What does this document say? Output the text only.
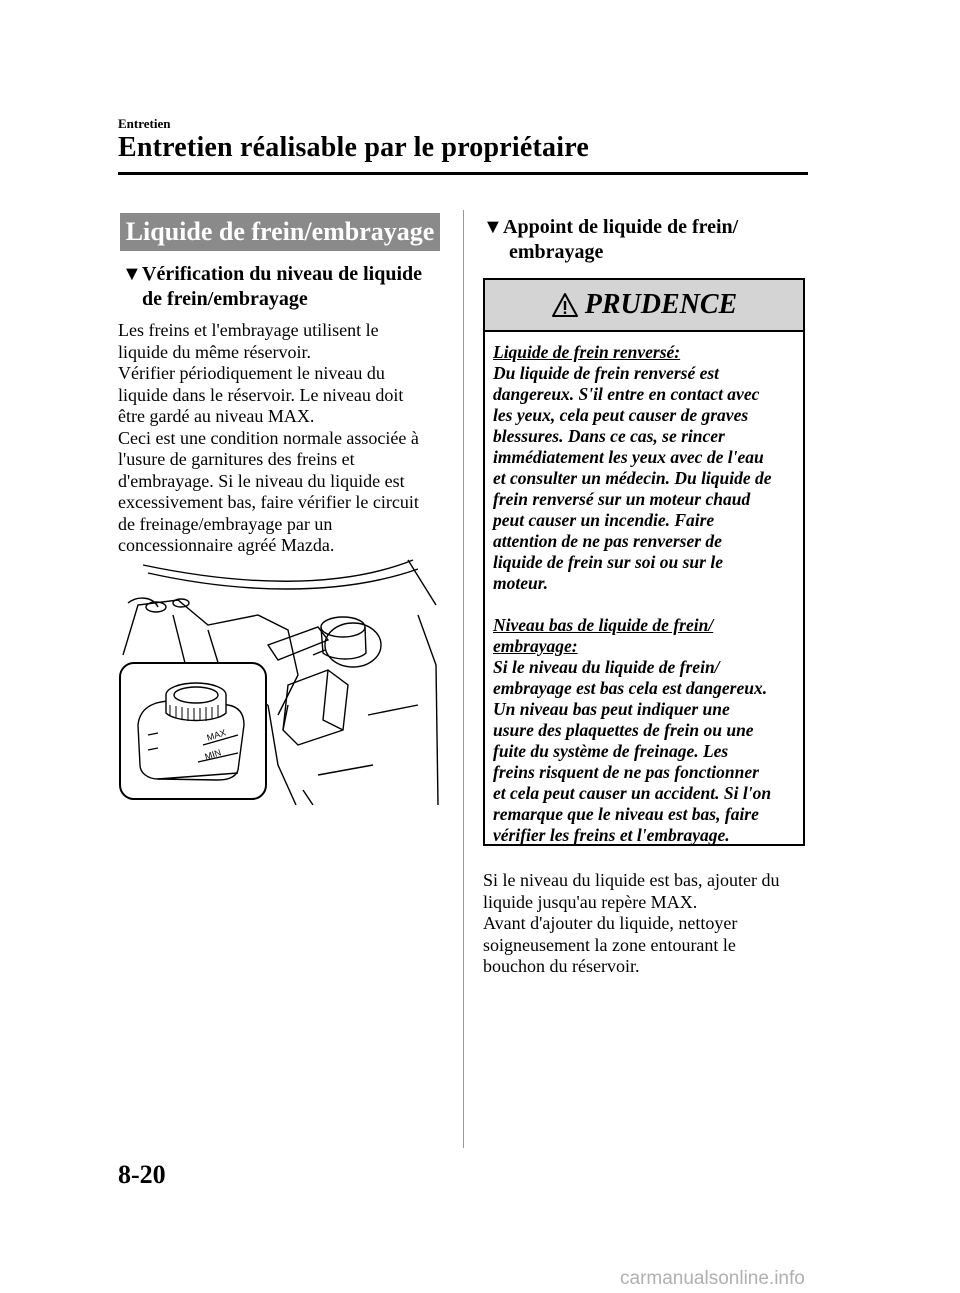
Entretien
Entretien réalisable par le propriétaire
Liquide de frein/embrayage
▼Vérification du niveau de liquide
de frein/embrayage
Les freins et l'embrayage utilisent le
liquide du même réservoir.
Vérifier périodiquement le niveau du
liquide dans le réservoir. Le niveau doit
être gardé au niveau MAX.
Ceci est une condition normale associée à
l'usure de garnitures des freins et
d'embrayage. Si le niveau du liquide est
excessivement bas, faire vérifier le circuit
de freinage/embrayage par un
concessionnaire agréé Mazda.
MAX
MIN
▼Appoint de liquide de frein/
embrayage
PRUDENCE
Liquide de frein renversé:
Du liquide de frein renversé est
dangereux. S'il entre en contact avec
les yeux, cela peut causer de graves
blessures. Dans ce cas, se rincer
immédiatement les yeux avec de l'eau
et consulter un médecin. Du liquide de
frein renversé sur un moteur chaud
peut causer un incendie. Faire
attention de ne pas renverser de
liquide de frein sur soi ou sur le
moteur.
Niveau bas de liquide de frein/
embrayage:
Si le niveau du liquide de frein/
embrayage est bas cela est dangereux.
Un niveau bas peut indiquer une
usure des plaquettes de frein ou une
fuite du système de freinage. Les
freins risquent de ne pas fonctionner
et cela peut causer un accident. Si l'on
remarque que le niveau est bas, faire
vérifier les freins et l'embrayage.
Si le niveau du liquide est bas, ajouter du
liquide jusqu'au repère MAX.
Avant d'ajouter du liquide, nettoyer
soigneusement la zone entourant le
bouchon du réservoir.
8-20
carmanualsonline.info
